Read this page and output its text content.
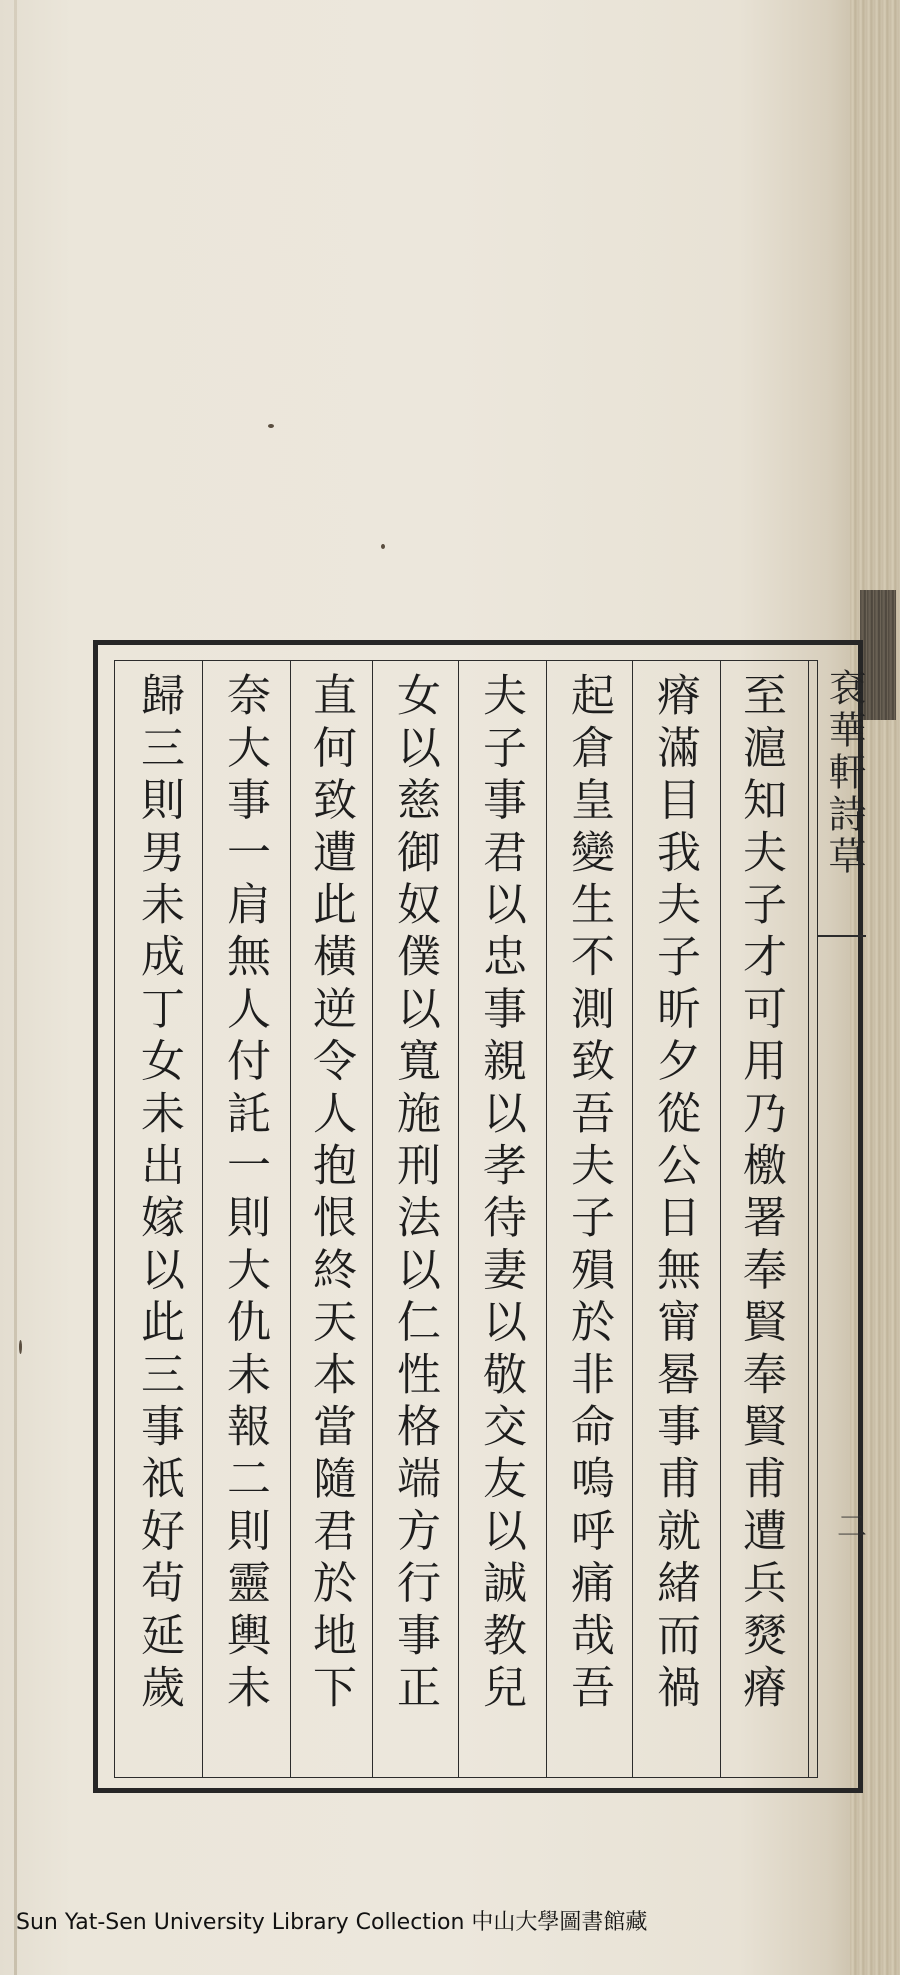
袞華軒詩草
二
至滬知夫子才可用乃檄署奉賢奉賢甫遭兵燹瘠
瘠滿目我夫子昕夕從公日無甯晷事甫就緒而禍
起倉皇變生不測致吾夫子殞於非命嗚呼痛哉吾
夫子事君以忠事親以孝待妻以敬交友以誠教兒
女以慈御奴僕以寬施刑法以仁性格端方行事正
直何致遭此橫逆令人抱恨終天本當隨君於地下
奈大事一肩無人付託一則大仇未報二則靈輿未
歸三則男未成丁女未出嫁以此三事祇好茍延歲
Sun Yat-Sen University Library Collection 中山大學圖書館藏
